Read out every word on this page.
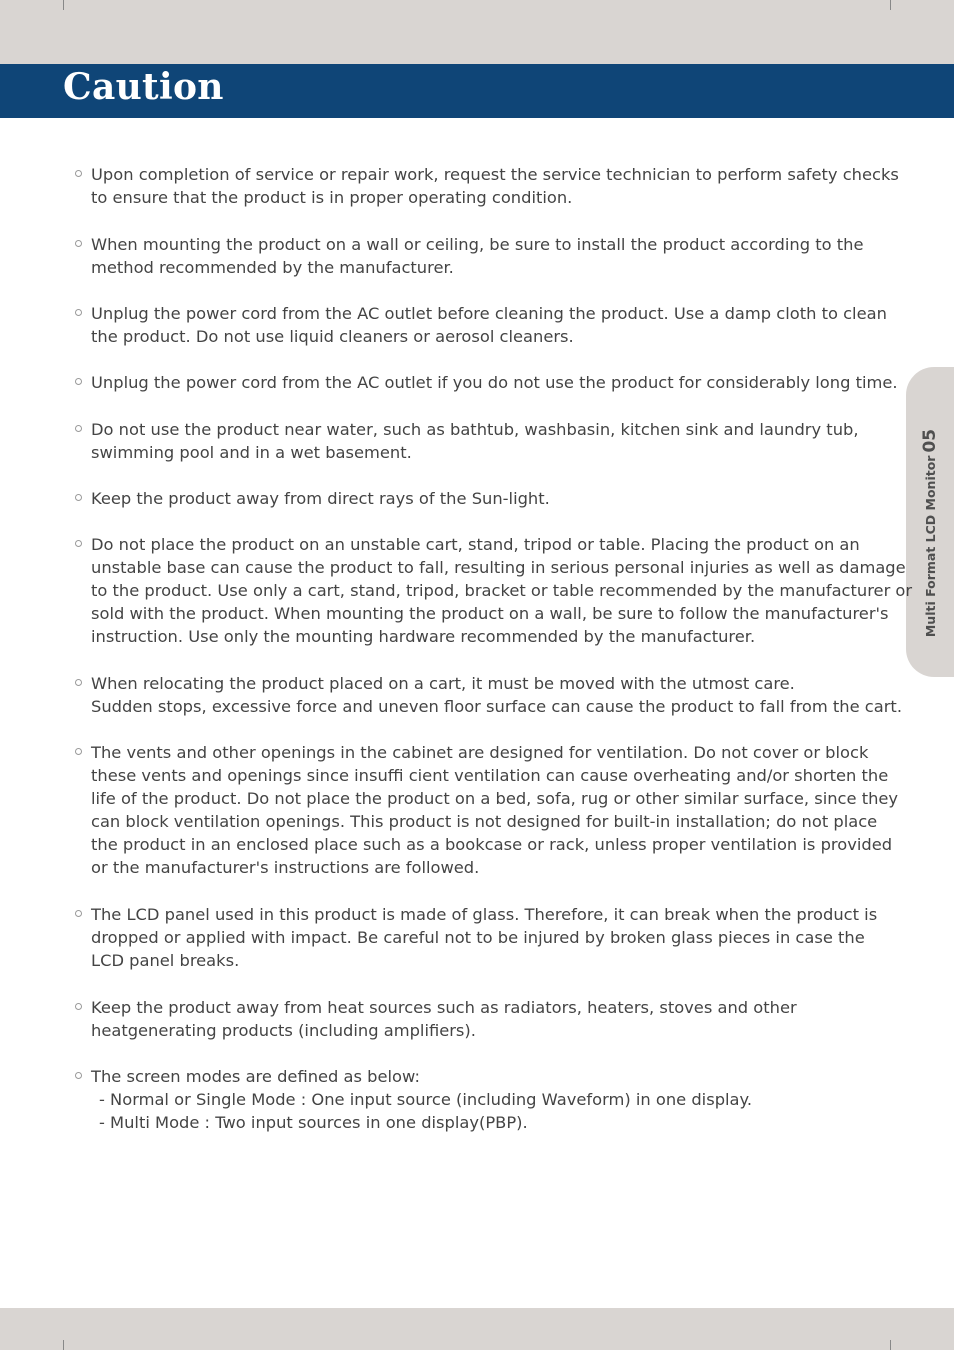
Caution
Multi Format LCD Monitor05
Upon completion of service or repair work, request the service technician to perform safety checks
to ensure that the product is in proper operating condition.
When mounting the product on a wall or ceiling, be sure to install the product according to the
method recommended by the manufacturer.
Unplug the power cord from the AC outlet before cleaning the product. Use a damp cloth to clean
the product. Do not use liquid cleaners or aerosol cleaners.
Unplug the power cord from the AC outlet if you do not use the product for considerably long time.
Do not use the product near water, such as bathtub, washbasin, kitchen sink and laundry tub,
swimming pool and in a wet basement.
Keep the product away from direct rays of the Sun-light.
Do not place the product on an unstable cart, stand, tripod or table. Placing the product on an
unstable base can cause the product to fall, resulting in serious personal injuries as well as damage
to the product. Use only a cart, stand, tripod, bracket or table recommended by the manufacturer or
sold with the product. When mounting the product on a wall, be sure to follow the manufacturer's
instruction. Use only the mounting hardware recommended by the manufacturer.
When relocating the product placed on a cart, it must be moved with the utmost care.
Sudden stops, excessive force and uneven floor surface can cause the product to fall from the cart.
The vents and other openings in the cabinet are designed for ventilation. Do not cover or block
these vents and openings since insuffi cient ventilation can cause overheating and/or shorten the
life of the product. Do not place the product on a bed, sofa, rug or other similar surface, since they
can block ventilation openings. This product is not designed for built-in installation; do not place
the product in an enclosed place such as a bookcase or rack, unless proper ventilation is provided
or the manufacturer's instructions are followed.
The LCD panel used in this product is made of glass. Therefore, it can break when the product is
dropped or applied with impact. Be careful not to be injured by broken glass pieces in case the
LCD panel breaks.
Keep the product away from heat sources such as radiators, heaters, stoves and other
heatgenerating products (including amplifiers).
The screen modes are defined as below:
- Normal or Single Mode : One input source (including Waveform) in one display.
- Multi Mode : Two input sources in one display(PBP).
